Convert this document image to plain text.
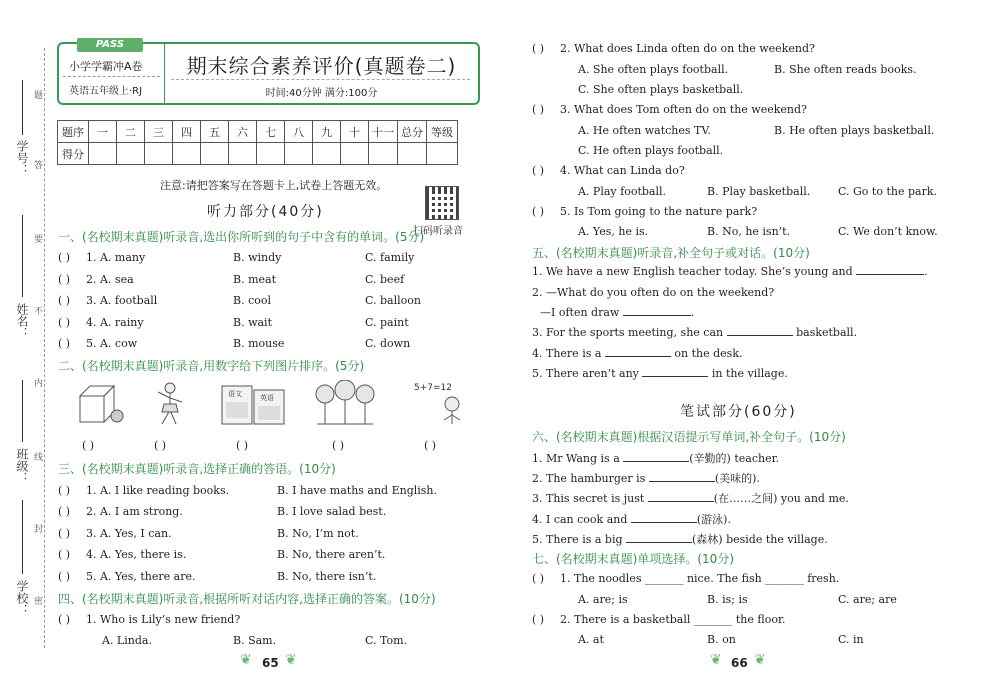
学号：
姓名：
班级：
学校：
题
答
要
不
内
线
封
密
PASS
小学学霸冲A卷
英语五年级上·RJ
期末综合素养评价(真题卷二)
时间:40分钟 满分:100分
题序	一	二	三	四	五	六	七	八	九	十	十一	总分	等级
得分													
注意:请把答案写在答题卡上,试卷上答题无效。
扫码听录音
听力部分(40分)
一、(名校期末真题)听录音,选出你所听到的句子中含有的单词。(5分)
( ) 1. A. many	B. windy	C. family
( ) 2. A. sea	B. meat	C. beef
( ) 3. A. football	B. cool	C. balloon
( ) 4. A. rainy	B. wait	C. paint
( ) 5. A. cow	B. mouse	C. down
二、(名校期末真题)听录音,用数字给下列图片排序。(5分)
语文	英语
5+7=12
( )	( )	( )	( )	( )
三、(名校期末真题)听录音,选择正确的答语。(10分)
( ) 1. A. I like reading books.	B. I have maths and English.
( ) 2. A. I am strong.	B. I love salad best.
( ) 3. A. Yes, I can.	B. No, I’m not.
( ) 4. A. Yes, there is.	B. No, there aren’t.
( ) 5. A. Yes, there are.	B. No, there isn’t.
四、(名校期末真题)听录音,根据所听对话内容,选择正确的答案。(10分)
( ) 1. Who is Lily’s new friend?
A. Linda.	B. Sam.	C. Tom.
❦ 65 ❦
( ) 2. What does Linda often do on the weekend?
A. She often plays football.	B. She often reads books.
C. She often plays basketball.
( ) 3. What does Tom often do on the weekend?
A. He often watches TV.	B. He often plays basketball.
C. He often plays football.
( ) 4. What can Linda do?
A. Play football.	B. Play basketball.	C. Go to the park.
( ) 5. Is Tom going to the nature park?
A. Yes, he is.	B. No, he isn’t.	C. We don’t know.
五、(名校期末真题)听录音,补全句子或对话。(10分)
1. We have a new English teacher today. She’s young and	.
2. —What do you often do on the weekend?
—I often draw	.
3. For the sports meeting, she can	basketball.
4. There is a	on the desk.
5. There aren’t any	in the village.
笔试部分(60分)
六、(名校期末真题)根据汉语提示写单词,补全句子。(10分)
1. Mr Wang is a	(辛勤的) teacher.
2. The hamburger is	(美味的).
3. This secret is just	(在……之间) you and me.
4. I can cook and	(游泳).
5. There is a big	(森林) beside the village.
七、(名校期末真题)单项选择。(10分)
( ) 1. The noodles _______ nice. The fish _______ fresh.
A. are; is	B. is; is	C. are; are
( ) 2. There is a basketball _______ the floor.
A. at	B. on	C. in
❦ 66 ❦
